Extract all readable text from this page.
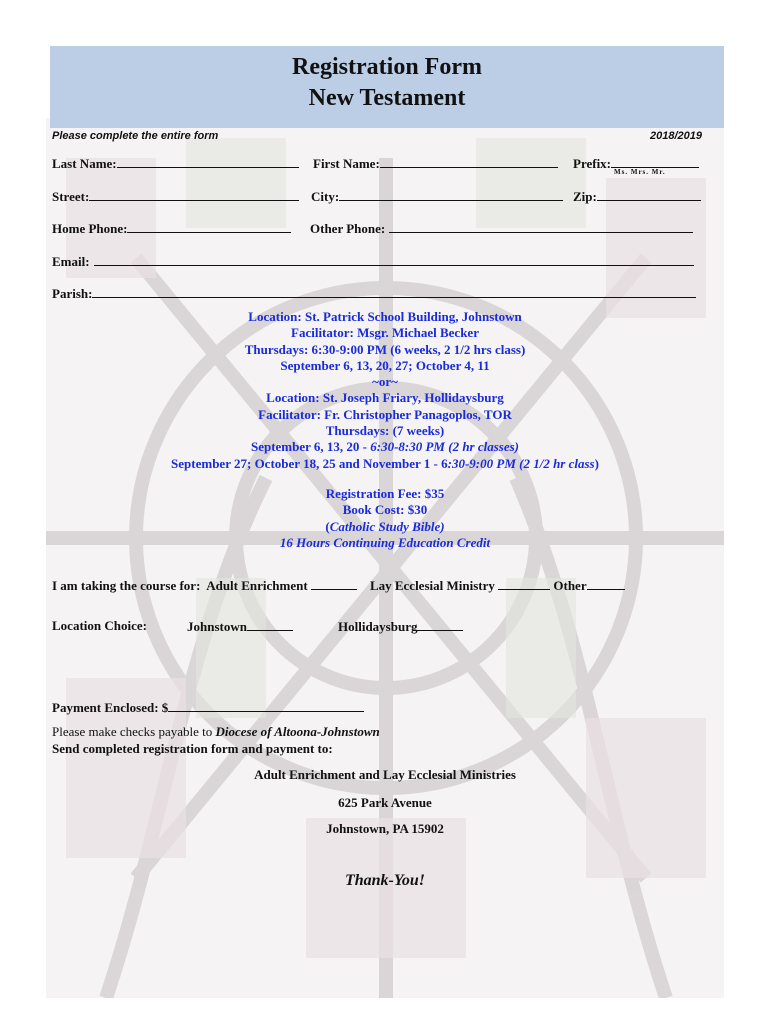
Registration Form
New Testament
Please complete the entire form	2018/2019
Last Name:	First Name:	Prefix:
Ms. Mrs. Mr.
Street:	City:	Zip:
Home Phone:	Other Phone:
Email:
Parish:

Location: St. Patrick School Building, Johnstown

Facilitator: Msgr. Michael Becker

Thursdays: 6:30-9:00 PM (6 weeks, 2 1/2 hrs class)

September 6, 13, 20, 27; October 4, 11

~or~

Location: St. Joseph Friary, Hollidaysburg

Facilitator: Fr. Christopher Panagoplos, TOR

Thursdays: (7 weeks)

September 6, 13, 20 - 6:30-8:30 PM (2 hr classes)

September 27; October 18, 25 and November 1 - 6:30-9:00 PM (2 1/2 hr class)

Registration Fee: $35

Book Cost: $30

(Catholic Study Bible)

16 Hours Continuing Education Credit

I am taking the course for: Adult Enrichment	Lay Ecclesial Ministry	Other
Location Choice:	Johnstown	Hollidaysburg
Payment Enclosed: $
Please make checks payable to Diocese of Altoona-Johnstown
Send completed registration form and payment to:
Adult Enrichment and Lay Ecclesial Ministries
625 Park Avenue
Johnstown, PA 15902
Thank-You!
